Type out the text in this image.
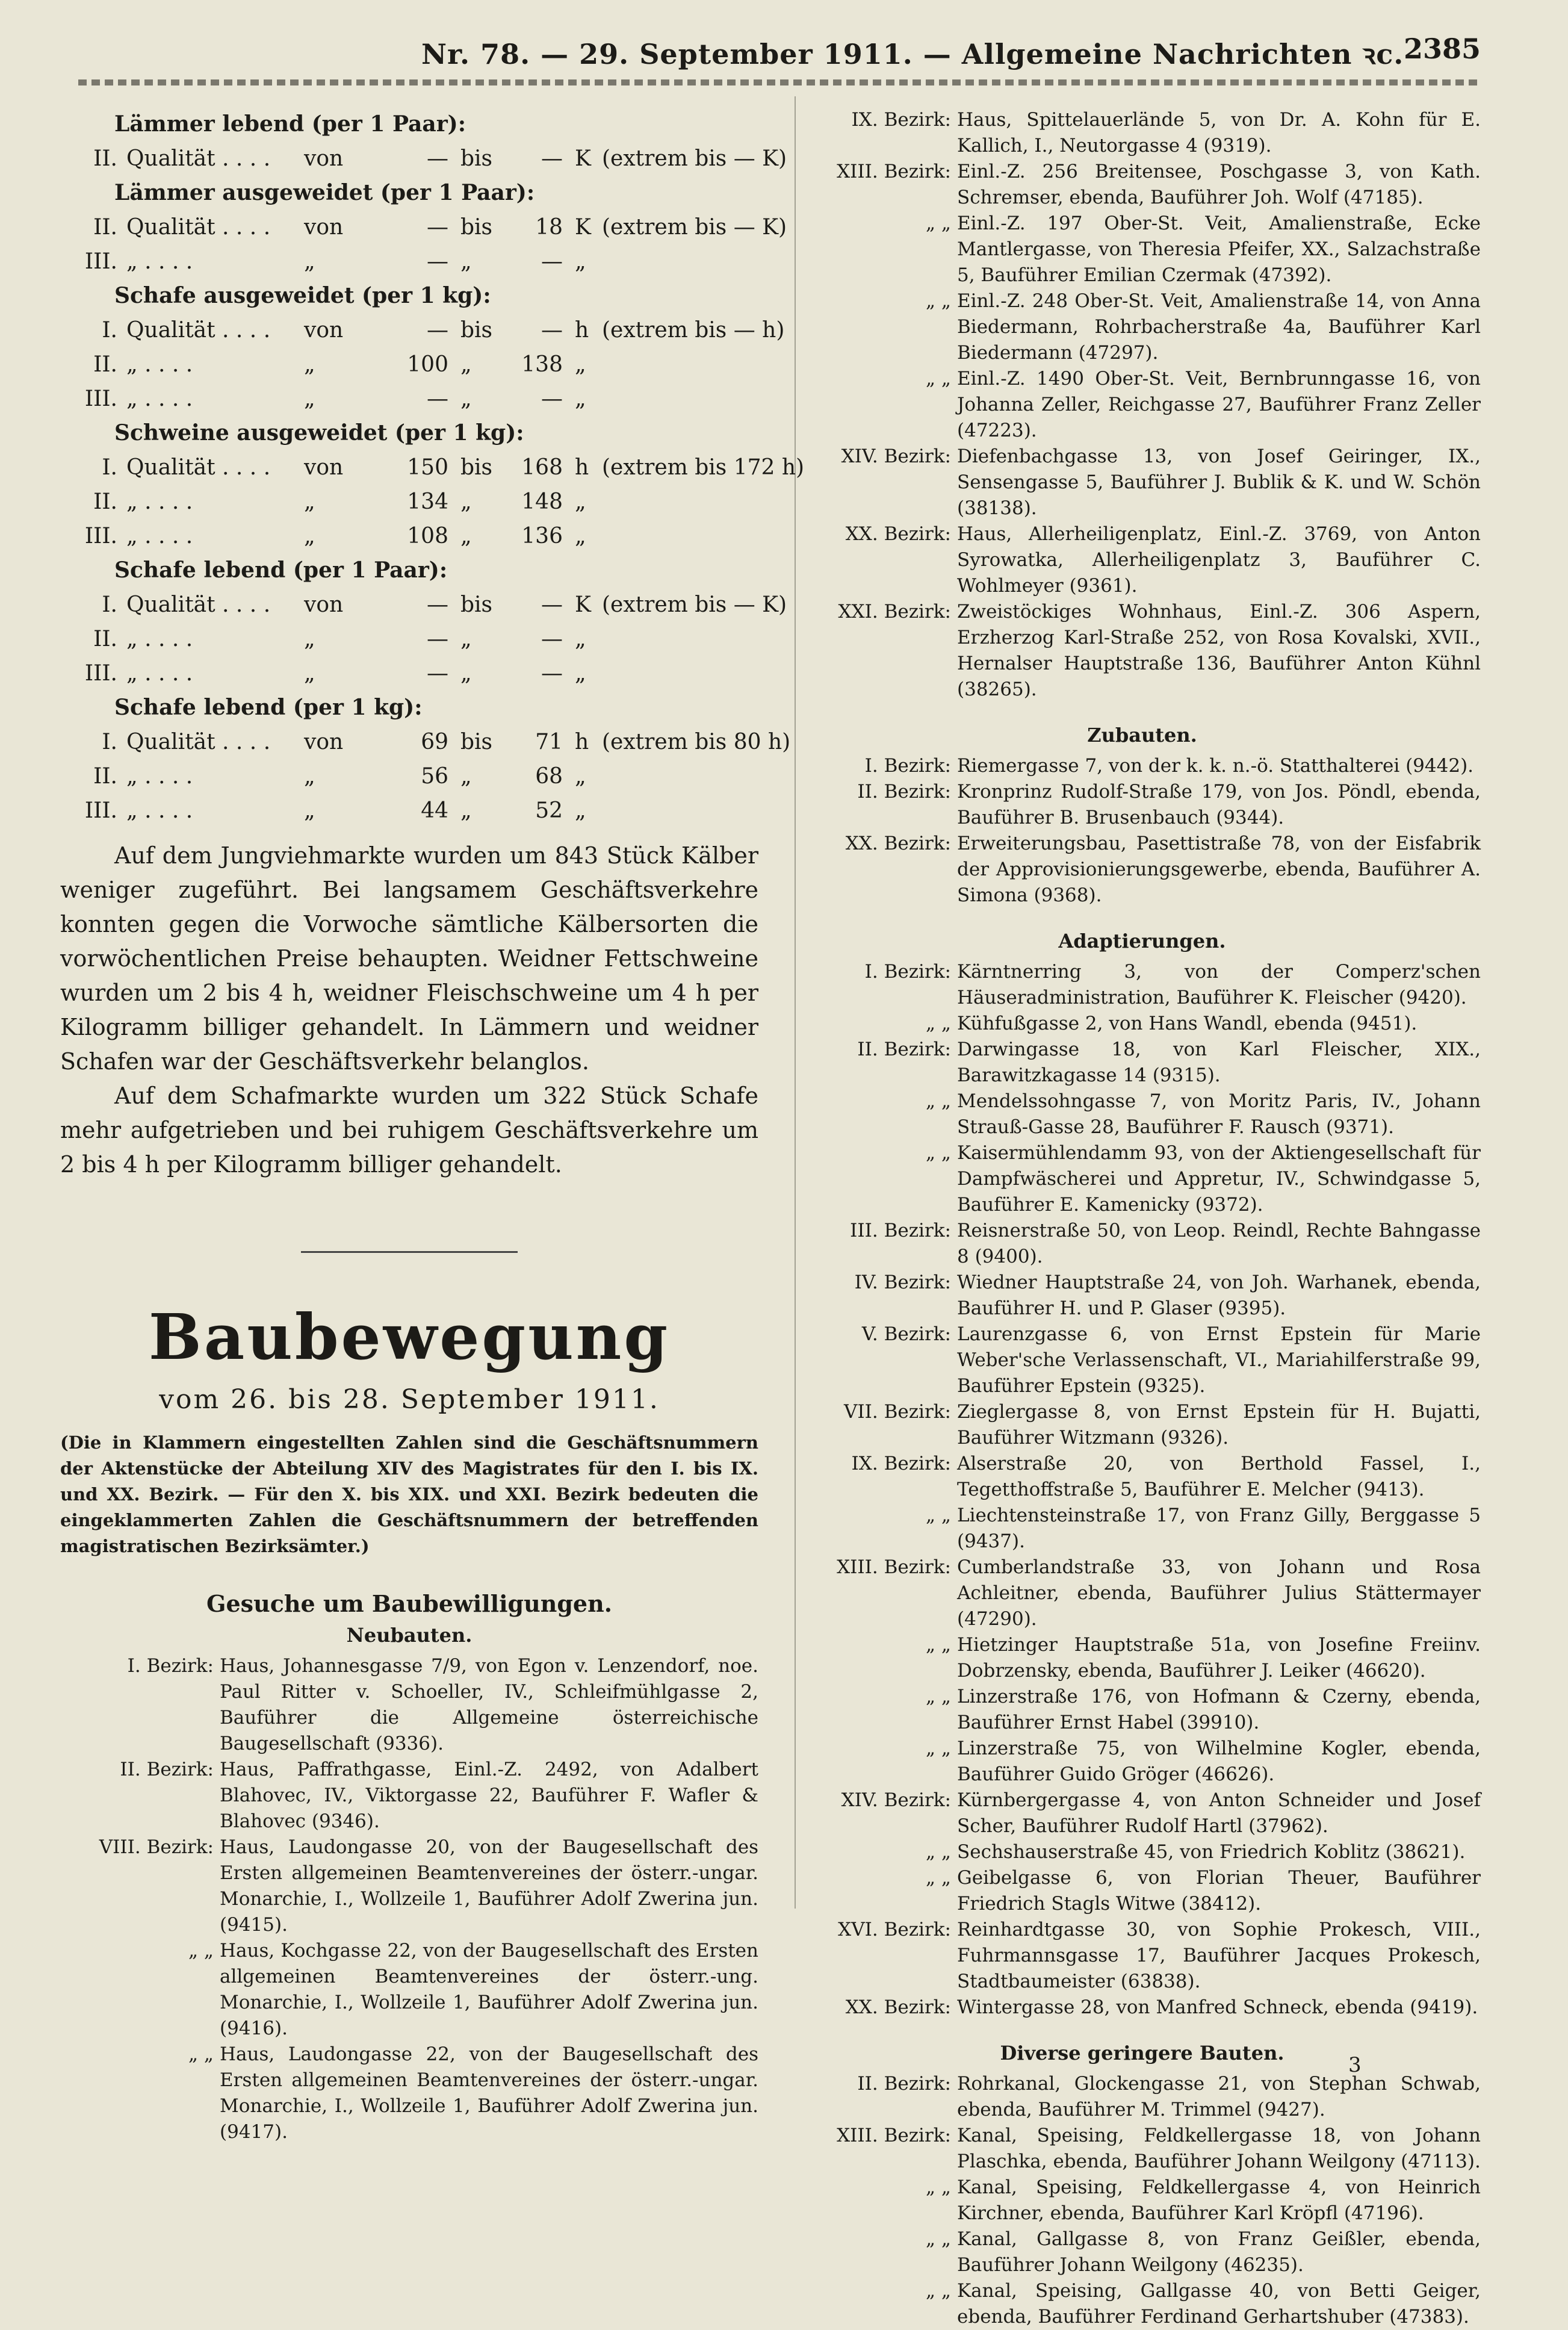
Nr. 78. — 29. September 1911. — Allgemeine Nachrichten ꝛc. 2385
Lämmer lebend (per 1 Paar):
II. Qualität . . . . von	— bis	— K (extrem bis — K)
Lämmer ausgeweidet (per 1 Paar):
II. Qualität . . . . von	— bis	18 K (extrem bis — K)
III. „ . . . .	„	— „	— „
Schafe ausgeweidet (per 1 kg):
I. Qualität . . . . von	— bis	— h (extrem bis — h)
II. „ . . . .	„	100 „	138 „
III. „ . . . .	„	— „	— „
Schweine ausgeweidet (per 1 kg):
I. Qualität . . . . von	150 bis	168 h (extrem bis 172 h)
II. „ . . . .	„	134 „	148 „
III. „ . . . .	„	108 „	136 „
Schafe lebend (per 1 Paar):
I. Qualität . . . . von	— bis	— K (extrem bis — K)
II. „ . . . .	„	— „	— „
III. „ . . . .	„	— „	— „
Schafe lebend (per 1 kg):
I. Qualität . . . . von	69 bis	71 h (extrem bis 80 h)
II. „ . . . .	„	56 „	68 „
III. „ . . . .	„	44 „	52 „
Auf dem Jungviehmarkte wurden um 843 Stück Kälber weniger zugeführt. Bei langsamem Geschäftsverkehre konnten gegen die Vorwoche sämtliche Kälbersorten die vorwöchentlichen Preise behaupten. Weidner Fettschweine wurden um 2 bis 4 h, weidner Fleischschweine um 4 h per Kilogramm billiger gehandelt. In Lämmern und weidner Schafen war der Geschäftsverkehr belanglos.
Auf dem Schafmarkte wurden um 322 Stück Schafe mehr aufgetrieben und bei ruhigem Geschäftsverkehre um 2 bis 4 h per Kilogramm billiger gehandelt.
Baubewegung
vom 26. bis 28. September 1911.
(Die in Klammern eingestellten Zahlen sind die Geschäftsnummern der Aktenstücke der Abteilung XIV des Magistrates für den I. bis IX. und XX. Bezirk. — Für den X. bis XIX. und XXI. Bezirk bedeuten die eingeklammerten Zahlen die Geschäftsnummern der betreffenden magistratischen Bezirksämter.)
Gesuche um Baubewilligungen.
Neubauten.
I. Bezirk: Haus, Johannesgasse 7/9, von Egon v. Lenzendorf, noe. Paul Ritter v. Schoeller, IV., Schleifmühlgasse 2, Bauführer die Allgemeine österreichische Baugesellschaft (9336).
II. Bezirk: Haus, Paffrathgasse, Einl.-Z. 2492, von Adalbert Blahovec, IV., Viktorgasse 22, Bauführer F. Wafler & Blahovec (9346).
VIII. Bezirk: Haus, Laudongasse 20, von der Baugesellschaft des Ersten allgemeinen Beamtenvereines der österr.-ungar. Monarchie, I., Wollzeile 1, Bauführer Adolf Zwerina jun. (9415).
„ „ Haus, Kochgasse 22, von der Baugesellschaft des Ersten allgemeinen Beamtenvereines der österr.-ung. Monarchie, I., Wollzeile 1, Bauführer Adolf Zwerina jun. (9416).
„ „ Haus, Laudongasse 22, von der Baugesellschaft des Ersten allgemeinen Beamtenvereines der österr.-ungar. Monarchie, I., Wollzeile 1, Bauführer Adolf Zwerina jun. (9417).
IX. Bezirk: Haus, Spittelauerlände 5, von Dr. A. Kohn für E. Kallich, I., Neutorgasse 4 (9319).
XIII. Bezirk: Einl.-Z. 256 Breitensee, Poschgasse 3, von Kath. Schremser, ebenda, Bauführer Joh. Wolf (47185).
„ „ Einl.-Z. 197 Ober-St. Veit, Amalienstraße, Ecke Mantlergasse, von Theresia Pfeifer, XX., Salzachstraße 5, Bauführer Emilian Czermak (47392).
„ „ Einl.-Z. 248 Ober-St. Veit, Amalienstraße 14, von Anna Biedermann, Rohrbacherstraße 4a, Bauführer Karl Biedermann (47297).
„ „ Einl.-Z. 1490 Ober-St. Veit, Bernbrunngasse 16, von Johanna Zeller, Reichgasse 27, Bauführer Franz Zeller (47223).
XIV. Bezirk: Diefenbachgasse 13, von Josef Geiringer, IX., Sensengasse 5, Bauführer J. Bublik & K. und W. Schön (38138).
XX. Bezirk: Haus, Allerheiligenplatz, Einl.-Z. 3769, von Anton Syrowatka, Allerheiligenplatz 3, Bauführer C. Wohlmeyer (9361).
XXI. Bezirk: Zweistöckiges Wohnhaus, Einl.-Z. 306 Aspern, Erzherzog Karl-Straße 252, von Rosa Kovalski, XVII., Hernalser Hauptstraße 136, Bauführer Anton Kühnl (38265).
Zubauten.
I. Bezirk: Riemergasse 7, von der k. k. n.-ö. Statthalterei (9442).
II. Bezirk: Kronprinz Rudolf-Straße 179, von Jos. Pöndl, ebenda, Bauführer B. Brusenbauch (9344).
XX. Bezirk: Erweiterungsbau, Pasettistraße 78, von der Eisfabrik der Approvisionierungsgewerbe, ebenda, Bauführer A. Simona (9368).
Adaptierungen.
I. Bezirk: Kärntnerring 3, von der Comperz'schen Häuseradministration, Bauführer K. Fleischer (9420).
„ „ Kühfußgasse 2, von Hans Wandl, ebenda (9451).
II. Bezirk: Darwingasse 18, von Karl Fleischer, XIX., Barawitzkagasse 14 (9315).
„ „ Mendelssohngasse 7, von Moritz Paris, IV., Johann Strauß-Gasse 28, Bauführer F. Rausch (9371).
„ „ Kaisermühlendamm 93, von der Aktiengesellschaft für Dampfwäscherei und Appretur, IV., Schwindgasse 5, Bauführer E. Kamenicky (9372).
III. Bezirk: Reisnerstraße 50, von Leop. Reindl, Rechte Bahngasse 8 (9400).
IV. Bezirk: Wiedner Hauptstraße 24, von Joh. Warhanek, ebenda, Bauführer H. und P. Glaser (9395).
V. Bezirk: Laurenzgasse 6, von Ernst Epstein für Marie Weber'sche Verlassenschaft, VI., Mariahilferstraße 99, Bauführer Epstein (9325).
VII. Bezirk: Zieglergasse 8, von Ernst Epstein für H. Bujatti, Bauführer Witzmann (9326).
IX. Bezirk: Alserstraße 20, von Berthold Fassel, I., Tegetthoffstraße 5, Bauführer E. Melcher (9413).
„ „ Liechtensteinstraße 17, von Franz Gilly, Berggasse 5 (9437).
XIII. Bezirk: Cumberlandstraße 33, von Johann und Rosa Achleitner, ebenda, Bauführer Julius Stättermayer (47290).
„ „ Hietzinger Hauptstraße 51a, von Josefine Freiinv. Dobrzensky, ebenda, Bauführer J. Leiker (46620).
„ „ Linzerstraße 176, von Hofmann & Czerny, ebenda, Bauführer Ernst Habel (39910).
„ „ Linzerstraße 75, von Wilhelmine Kogler, ebenda, Bauführer Guido Gröger (46626).
XIV. Bezirk: Kürnbergergasse 4, von Anton Schneider und Josef Scher, Bauführer Rudolf Hartl (37962).
„ „ Sechshauserstraße 45, von Friedrich Koblitz (38621).
„ „ Geibelgasse 6, von Florian Theuer, Bauführer Friedrich Stagls Witwe (38412).
XVI. Bezirk: Reinhardtgasse 30, von Sophie Prokesch, VIII., Fuhrmannsgasse 17, Bauführer Jacques Prokesch, Stadtbaumeister (63838).
XX. Bezirk: Wintergasse 28, von Manfred Schneck, ebenda (9419).
Diverse geringere Bauten.
II. Bezirk: Rohrkanal, Glockengasse 21, von Stephan Schwab, ebenda, Bauführer M. Trimmel (9427).
XIII. Bezirk: Kanal, Speising, Feldkellergasse 18, von Johann Plaschka, ebenda, Bauführer Johann Weilgony (47113).
„ „ Kanal, Speising, Feldkellergasse 4, von Heinrich Kirchner, ebenda, Bauführer Karl Kröpfl (47196).
„ „ Kanal, Gallgasse 8, von Franz Geißler, ebenda, Bauführer Johann Weilgony (46235).
„ „ Kanal, Speising, Gallgasse 40, von Betti Geiger, ebenda, Bauführer Ferdinand Gerhartshuber (47383).
3
